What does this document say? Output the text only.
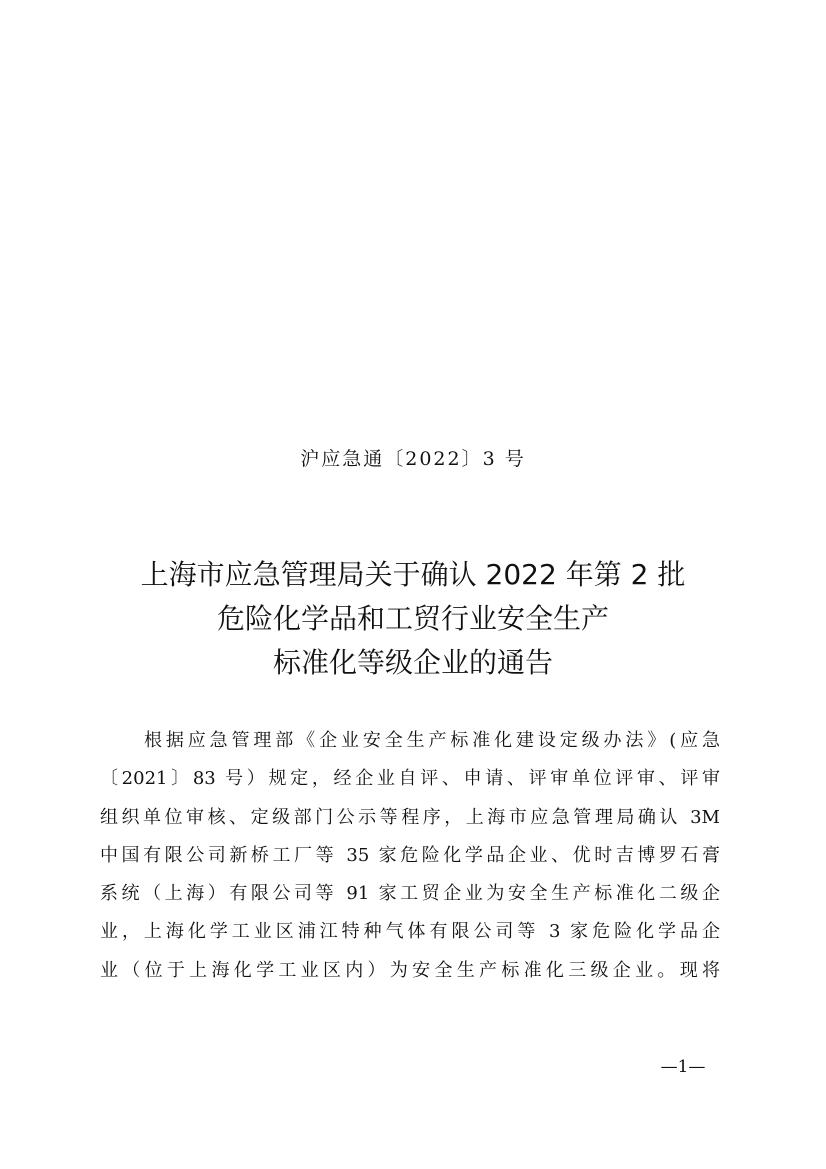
沪应急通〔2022〕3 号
上海市应急管理局关于确认 2022 年第 2 批
危险化学品和工贸行业安全生产
标准化等级企业的通告
根据应急管理部《企业安全生产标准化建设定级办法》(应急
〔2021〕83 号）规定，经企业自评、申请、评审单位评审、评审
组织单位审核、定级部门公示等程序，上海市应急管理局确认 3M
中国有限公司新桥工厂等 35 家危险化学品企业、优时吉博罗石膏
系统（上海）有限公司等 91 家工贸企业为安全生产标准化二级企
业，上海化学工业区浦江特种气体有限公司等 3 家危险化学品企
业（位于上海化学工业区内）为安全生产标准化三级企业。现将
—1—
